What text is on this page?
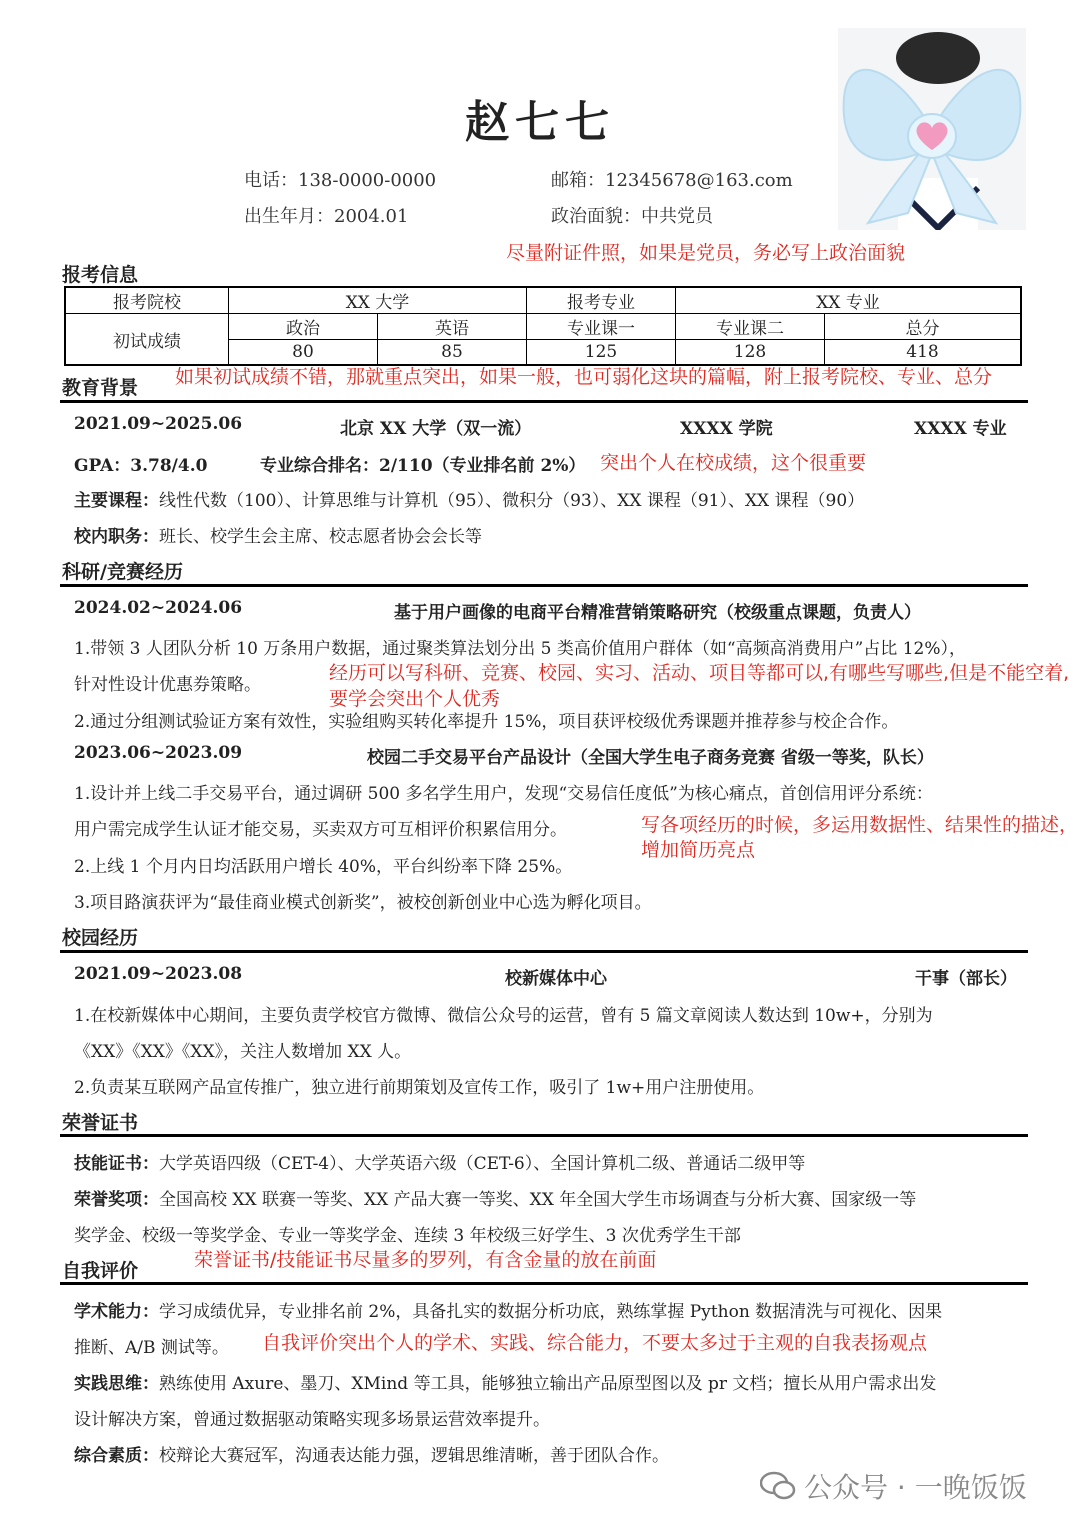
赵七七
电话：138-0000-0000	邮箱：12345678@163.com
出生年月：2004.01	政治面貌：中共党员
尽量附证件照，如果是党员，务必写上政治面貌
报考信息
报考院校	XX 大学		报考专业	XX 专业	
初试成绩	政治	英语	专业课一	专业课二	总分
	80	85	125	128	418
教育背景 如果初试成绩不错，那就重点突出，如果一般，也可弱化这块的篇幅，附上报考院校、专业、总分
2021.09~2025.06	北京 XX 大学（双一流）	XXXX 学院	XXXX 专业
GPA：3.78/4.0	专业综合排名：2/110（专业排名前 2%） 突出个人在校成绩，这个很重要
主要课程：线性代数（100）、计算思维与计算机（95）、微积分（93）、XX 课程（91）、XX 课程（90）
校内职务：班长、校学生会主席、校志愿者协会会长等
科研/竞赛经历
2024.02~2024.06	基于用户画像的电商平台精准营销策略研究（校级重点课题，负责人）
1.带领 3 人团队分析 10 万条用户数据，通过聚类算法划分出 5 类高价值用户群体（如“高频高消费用户”占比 12%），
针对性设计优惠券策略。
经历可以写科研、竞赛、校园、实习、活动、项目等都可以,有哪些写哪些,但是不能空着,
要学会突出个人优秀
2.通过分组测试验证方案有效性，实验组购买转化率提升 15%，项目获评校级优秀课题并推荐参与校企合作。
2023.06~2023.09	校园二手交易平台产品设计（全国大学生电子商务竞赛 省级一等奖，队长）
1.设计并上线二手交易平台，通过调研 500 多名学生用户，发现“交易信任度低”为核心痛点，首创信用评分系统：
用户需完成学生认证才能交易，买卖双方可互相评价积累信用分。	写各项经历的时候，多运用数据性、结果性的描述，
增加简历亮点
2.上线 1 个月内日均活跃用户增长 40%，平台纠纷率下降 25%。
3.项目路演获评为“最佳商业模式创新奖”，被校创新创业中心选为孵化项目。
校园经历
2021.09~2023.08	校新媒体中心	干事（部长）
1.在校新媒体中心期间，主要负责学校官方微博、微信公众号的运营，曾有 5 篇文章阅读人数达到 10w+，分别为
《XX》《XX》《XX》，关注人数增加 XX 人。
2.负责某互联网产品宣传推广，独立进行前期策划及宣传工作，吸引了 1w+用户注册使用。
荣誉证书
技能证书：大学英语四级（CET-4）、大学英语六级（CET-6）、全国计算机二级、普通话二级甲等
荣誉奖项：全国高校 XX 联赛一等奖、XX 产品大赛一等奖、XX 年全国大学生市场调查与分析大赛、国家级一等
奖学金、校级一等奖学金、专业一等奖学金、连续 3 年校级三好学生、3 次优秀学生干部
荣誉证书/技能证书尽量多的罗列，有含金量的放在前面
自我评价
学术能力：学习成绩优异，专业排名前 2%，具备扎实的数据分析功底，熟练掌握 Python 数据清洗与可视化、因果
推断、A/B 测试等。 自我评价突出个人的学术、实践、综合能力，不要太多过于主观的自我表扬观点
实践思维：熟练使用 Axure、墨刀、XMind 等工具，能够独立输出产品原型图以及 pr 文档；擅长从用户需求出发
设计解决方案，曾通过数据驱动策略实现多场景运营效率提升。
综合素质：校辩论大赛冠军，沟通表达能力强，逻辑思维清晰，善于团队合作。
公众号 · 一晚饭饭
